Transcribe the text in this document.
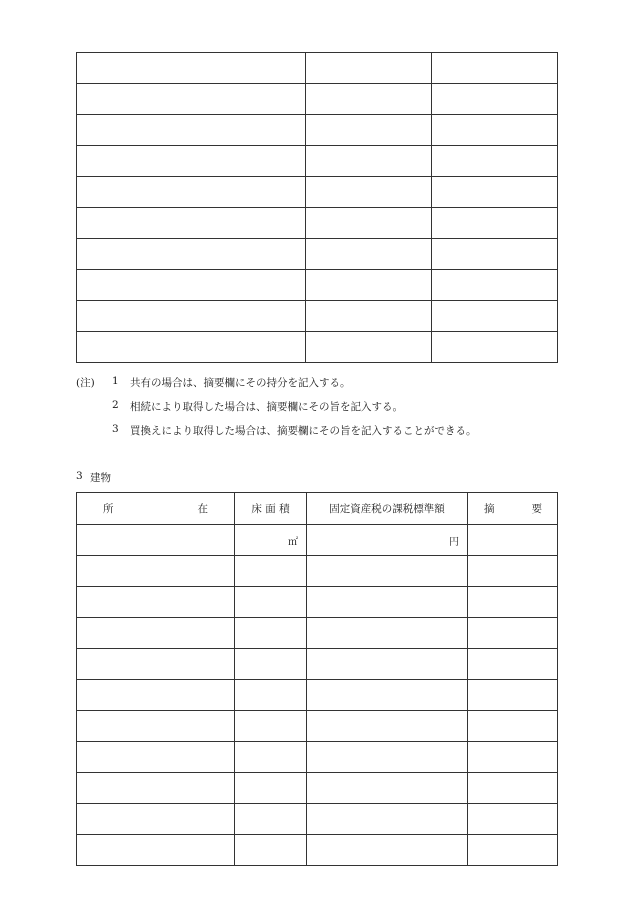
(注) 1 共有の場合は、摘要欄にその持分を記入する。
2 相続により取得した場合は、摘要欄にその旨を記入する。
3 買換えにより取得した場合は、摘要欄にその旨を記入することができる。
3 建物
所 在	床 面 積	固定資産税の課税標準額	摘 要

	㎡	円	
